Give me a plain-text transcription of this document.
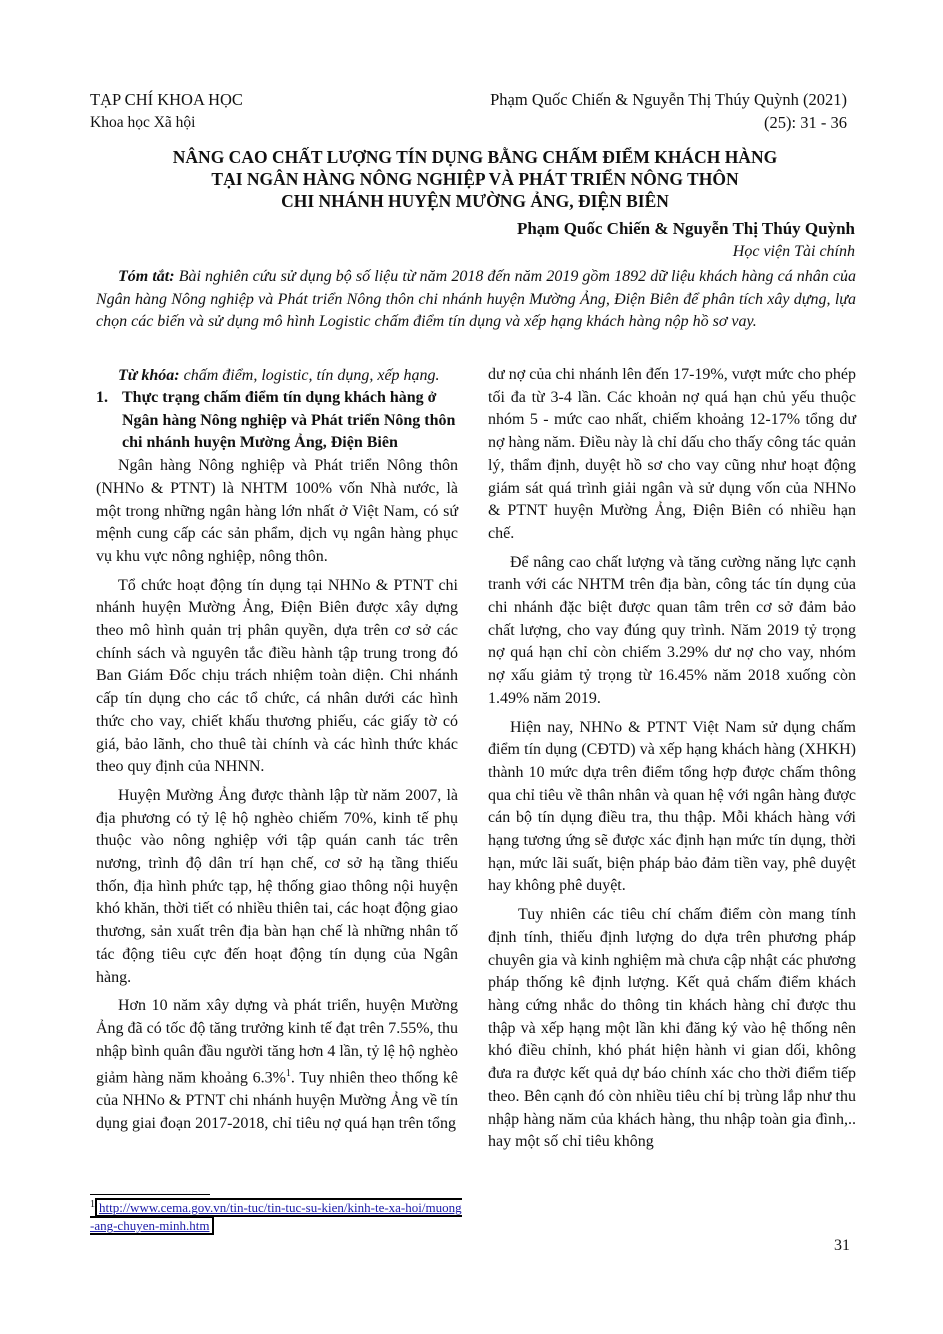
TẠP CHÍ KHOA HỌC
Khoa học Xã hội
Phạm Quốc Chiến & Nguyễn Thị Thúy Quỳnh (2021)
(25): 31 - 36
NÂNG CAO CHẤT LƯỢNG TÍN DỤNG BẰNG CHẤM ĐIỂM KHÁCH HÀNG
TẠI NGÂN HÀNG NÔNG NGHIỆP VÀ PHÁT TRIỂN NÔNG THÔN
CHI NHÁNH HUYỆN MƯỜNG ẢNG, ĐIỆN BIÊN
Phạm Quốc Chiến & Nguyễn Thị Thúy Quỳnh
Học viện Tài chính

Tóm tắt: Bài nghiên cứu sử dụng bộ số liệu từ năm 2018 đến năm 2019 gồm 1892 dữ liệu khách hàng cá nhân của Ngân hàng Nông nghiệp và Phát triển Nông thôn chi nhánh huyện Mường Ảng, Điện Biên để phân tích xây dựng, lựa chọn các biến và sử dụng mô hình Logistic chấm điểm tín dụng và xếp hạng khách hàng nộp hồ sơ vay.

Từ khóa: chấm điểm, logistic, tín dụng, xếp hạng.
1. Thực trạng chấm điểm tín dụng khách hàng ở Ngân hàng Nông nghiệp và Phát triển Nông thôn chi nhánh huyện Mường Ảng, Điện Biên

Ngân hàng Nông nghiệp và Phát triển Nông thôn (NHNo & PTNT) là NHTM 100% vốn Nhà nước, là một trong những ngân hàng lớn nhất ở Việt Nam, có sứ mệnh cung cấp các sản phẩm, dịch vụ ngân hàng phục vụ khu vực nông nghiệp, nông thôn.

Tổ chức hoạt động tín dụng tại NHNo & PTNT chi nhánh huyện Mường Ảng, Điện Biên được xây dựng theo mô hình quản trị phân quyền, dựa trên cơ sở các chính sách và nguyên tắc điều hành tập trung trong đó Ban Giám Đốc chịu trách nhiệm toàn diện. Chi nhánh cấp tín dụng cho các tổ chức, cá nhân dưới các hình thức cho vay, chiết khấu thương phiếu, các giấy tờ có giá, bảo lãnh, cho thuê tài chính và các hình thức khác theo quy định của NHNN.

Huyện Mường Ảng được thành lập từ năm 2007, là địa phương có tỷ lệ hộ nghèo chiếm 70%, kinh tế phụ thuộc vào nông nghiệp với tập quán canh tác trên nương, trình độ dân trí hạn chế, cơ sở hạ tầng thiếu thốn, địa hình phức tạp, hệ thống giao thông nội huyện khó khăn, thời tiết có nhiều thiên tai, các hoạt động giao thương, sản xuất trên địa bàn hạn chế là những nhân tố tác động tiêu cực đến hoạt động tín dụng của Ngân hàng.

Hơn 10 năm xây dựng và phát triển, huyện Mường Ảng đã có tốc độ tăng trưởng kinh tế đạt trên 7.55%, thu nhập bình quân đầu người tăng hơn 4 lần, tỷ lệ hộ nghèo giảm hàng năm khoảng 6.3%$^1$. Tuy nhiên theo thống kê của NHNo & PTNT chi nhánh huyện Mường Ảng về tín dụng giai đoạn 2017-2018, chỉ tiêu nợ quá hạn trên tổng

dư nợ của chi nhánh lên đến 17-19%, vượt mức cho phép tối đa từ 3-4 lần. Các khoản nợ quá hạn chủ yếu thuộc nhóm 5 - mức cao nhất, chiếm khoảng 12-17% tổng dư nợ hàng năm. Điều này là chỉ dấu cho thấy công tác quản lý, thẩm định, duyệt hồ sơ cho vay cũng như hoạt động giám sát quá trình giải ngân và sử dụng vốn của NHNo & PTNT huyện Mường Ảng, Điện Biên có nhiều hạn chế.

Để nâng cao chất lượng và tăng cường năng lực cạnh tranh với các NHTM trên địa bàn, công tác tín dụng của chi nhánh đặc biệt được quan tâm trên cơ sở đảm bảo chất lượng, cho vay đúng quy trình. Năm 2019 tỷ trọng nợ quá hạn chỉ còn chiếm 3.29% dư nợ cho vay, nhóm nợ xấu giảm tỷ trọng từ 16.45% năm 2018 xuống còn 1.49% năm 2019.

Hiện nay, NHNo & PTNT Việt Nam sử dụng chấm điểm tín dụng (CĐTD) và xếp hạng khách hàng (XHKH) thành 10 mức dựa trên điểm tổng hợp được chấm thông qua chỉ tiêu về thân nhân và quan hệ với ngân hàng được cán bộ tín dụng điều tra, thu thập. Mỗi khách hàng với hạng tương ứng sẽ được xác định hạn mức tín dụng, thời hạn, mức lãi suất, biện pháp bảo đảm tiền vay, phê duyệt hay không phê duyệt.

Tuy nhiên các tiêu chí chấm điểm còn mang tính định tính, thiếu định lượng do dựa trên phương pháp chuyên gia và kinh nghiệm mà chưa cập nhật các phương pháp thống kê định lượng. Kết quả chấm điểm khách hàng cứng nhắc do thông tin khách hàng chỉ được thu thập và xếp hạng một lần khi đăng ký vào hệ thống nên khó điều chỉnh, khó phát hiện hành vi gian dối, không đưa ra được kết quả dự báo chính xác cho thời điểm tiếp theo. Bên cạnh đó còn nhiều tiêu chí bị trùng lắp như thu nhập hàng năm của khách hàng, thu nhập toàn gia đình,.. hay một số chỉ tiêu không

$^1$ http://www.cema.gov.vn/tin-tuc/tin-tuc-su-kien/kinh-te-xa-hoi/muong-ang-chuyen-minh.htm
31
